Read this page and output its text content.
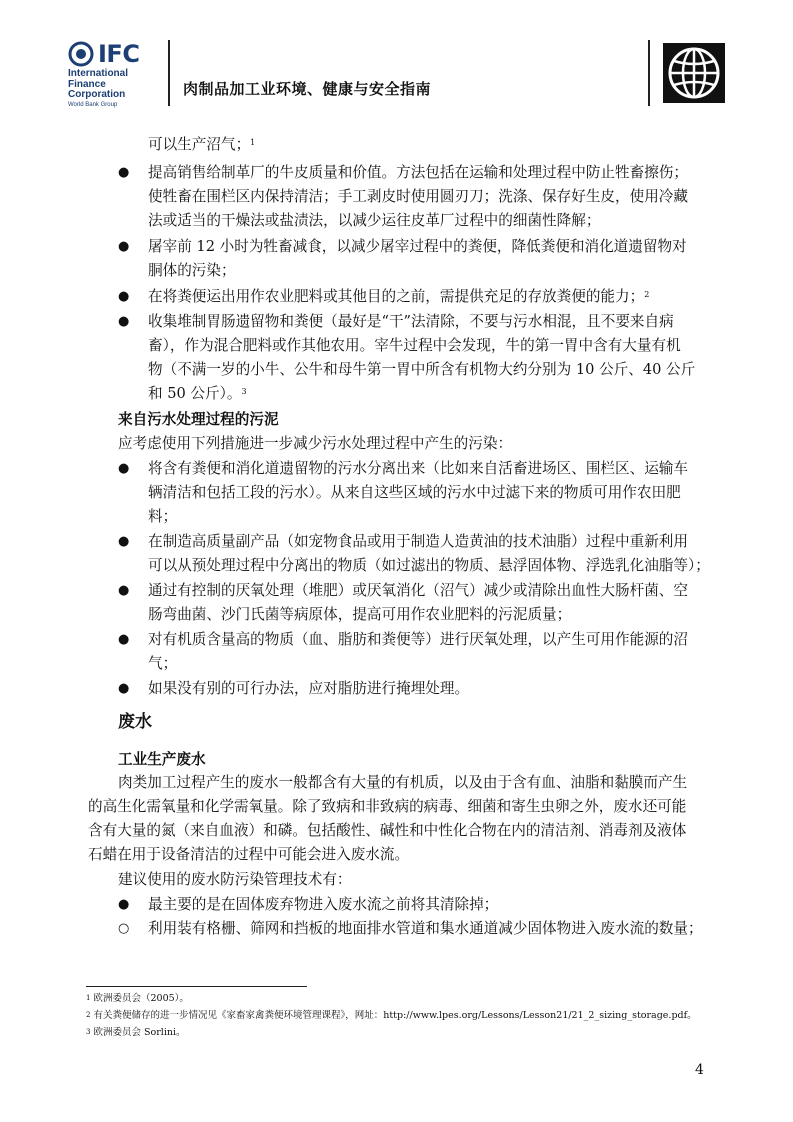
IFC
International
Finance
Corporation
World Bank Group
肉制品加工业环境、健康与安全指南
可以生产沼气；$^1$
● 提高销售给制革厂的牛皮质量和价值。方法包括在运输和处理过程中防止牲畜擦伤；
使牲畜在围栏区内保持清洁；手工剥皮时使用圆刃刀；洗涤、保存好生皮，使用冷藏
法或适当的干燥法或盐渍法，以减少运往皮革厂过程中的细菌性降解；
● 屠宰前 12 小时为牲畜减食，以减少屠宰过程中的粪便，降低粪便和消化道遗留物对
胴体的污染；
● 在将粪便运出用作农业肥料或其他目的之前，需提供充足的存放粪便的能力；$^2$
● 收集堆制胃肠遗留物和粪便（最好是“干”法清除，不要与污水相混，且不要来自病
畜），作为混合肥料或作其他农用。宰牛过程中会发现，牛的第一胃中含有大量有机
物（不满一岁的小牛、公牛和母牛第一胃中所含有机物大约分别为 10 公斤、40 公斤
和 50 公斤）。$^3$
来自污水处理过程的污泥
应考虑使用下列措施进一步减少污水处理过程中产生的污染：
● 将含有粪便和消化道遗留物的污水分离出来（比如来自活畜进场区、围栏区、运输车
辆清洁和包括工段的污水）。从来自这些区域的污水中过滤下来的物质可用作农田肥
料；
● 在制造高质量副产品（如宠物食品或用于制造人造黄油的技术油脂）过程中重新利用
可以从预处理过程中分离出的物质（如过滤出的物质、悬浮固体物、浮选乳化油脂等）；
● 通过有控制的厌氧处理（堆肥）或厌氧消化（沼气）减少或清除出血性大肠杆菌、空
肠弯曲菌、沙门氏菌等病原体，提高可用作农业肥料的污泥质量；
● 对有机质含量高的物质（血、脂肪和粪便等）进行厌氧处理，以产生可用作能源的沼
气；
● 如果没有别的可行办法，应对脂肪进行掩埋处理。
废水
工业生产废水
肉类加工过程产生的废水一般都含有大量的有机质，以及由于含有血、油脂和黏膜而产生
的高生化需氧量和化学需氧量。除了致病和非致病的病毒、细菌和寄生虫卵之外，废水还可能
含有大量的氮（来自血液）和磷。包括酸性、碱性和中性化合物在内的清洁剂、消毒剂及液体
石蜡在用于设备清洁的过程中可能会进入废水流。
建议使用的废水防污染管理技术有：
● 最主要的是在固体废弃物进入废水流之前将其清除掉；
○ 利用装有格栅、筛网和挡板的地面排水管道和集水通道减少固体物进入废水流的数量；
$^1$ 欧洲委员会（2005）。
$^2$ 有关粪便储存的进一步情况见《家畜家禽粪便环境管理课程》，网址：http://www.lpes.org/Lessons/Lesson21/21_2_sizing_storage.pdf。
$^3$ 欧洲委员会 Sorlini。
4
